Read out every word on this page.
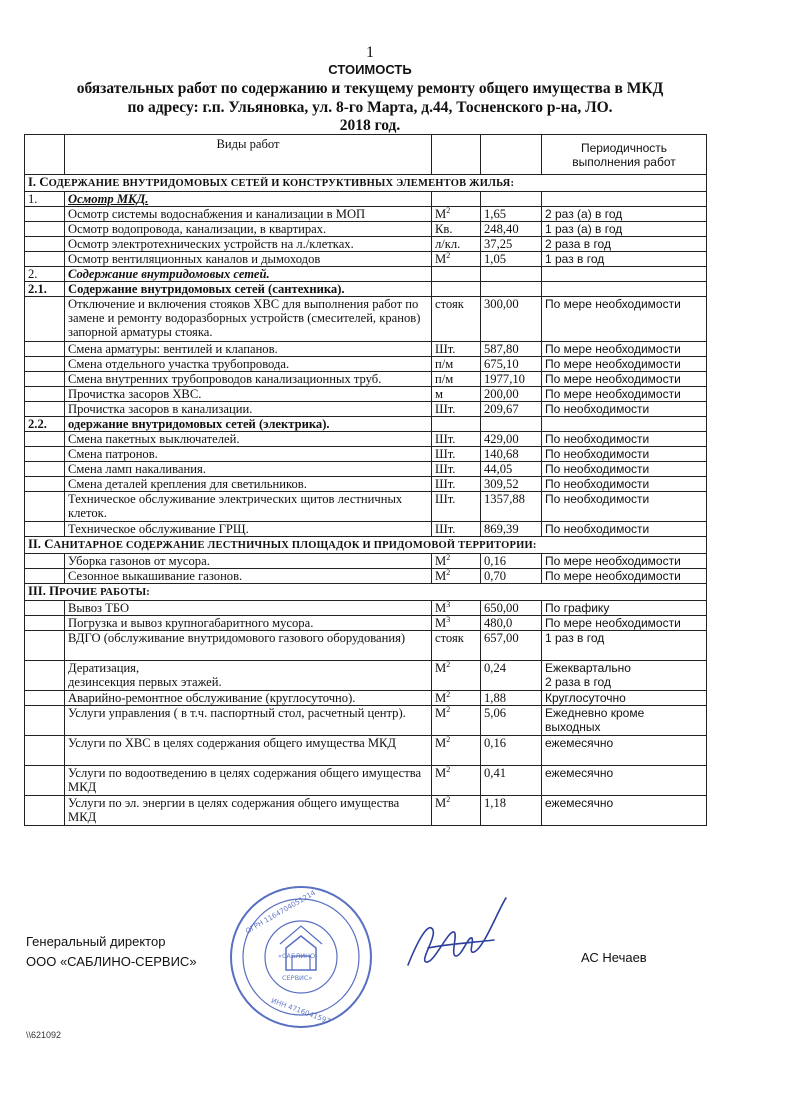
1
СТОИМОСТЬ
обязательных работ по содержанию и текущему ремонту общего имущества в МКД
по адресу: г.п. Ульяновка, ул. 8-го Марта, д.44, Тосненского р-на, ЛО.
2018 год.
	Виды работ			Периодичность
выполнения работ
I. СОДЕРЖАНИЕ ВНУТРИДОМОВЫХ СЕТЕЙ И КОНСТРУКТИВНЫХ ЭЛЕМЕНТОВ ЖИЛЬЯ:				
1.	Осмотр МКД.			
	Осмотр системы водоснабжения и канализации в МОП	$М^2$	1,65	2 раз (а) в год
	Осмотр водопровода, канализации, в квартирах.	Кв.	248,40	1 раз (а) в год
	Осмотр электротехнических устройств на л./клетках.	л/кл.	37,25	2 раза в год
	Осмотр вентиляционных каналов и дымоходов	$М^2$	1,05	1 раз в год
2.	Содержание внутридомовых сетей.			
2.1.	Содержание внутридомовых сетей (сантехника).			
	Отключение и включения стояков ХВС для выполнения работ по замене и ремонту водоразборных устройств (смесителей, кранов) запорной арматуры стояка.	стояк	300,00	По мере необходимости
	Смена арматуры: вентилей и клапанов.	Шт.	587,80	По мере необходимости
	Смена отдельного участка трубопровода.	п/м	675,10	По мере необходимости
	Смена внутренних трубопроводов канализационных труб.	п/м	1977,10	По мере необходимости
	Прочистка засоров ХВС.	м	200,00	По мере необходимости
	Прочистка засоров в канализации.	Шт.	209,67	По необходимости
2.2.	одержание внутридомовых сетей (электрика).			
	Смена пакетных выключателей.	Шт.	429,00	По необходимости
	Смена патронов.	Шт.	140,68	По необходимости
	Смена ламп накаливания.	Шт.	44,05	По необходимости
	Смена деталей крепления для светильников.	Шт.	309,52	По необходимости
	Техническое обслуживание электрических щитов лестничных клеток.	Шт.	1357,88	По необходимости
	Техническое обслуживание ГРЩ.	Шт.	869,39	По необходимости
II. САНИТАРНОЕ СОДЕРЖАНИЕ ЛЕСТНИЧНЫХ ПЛОЩАДОК И ПРИДОМОВОЙ ТЕРРИТОРИИ:				
	Уборка газонов от мусора.	$М^2$	0,16	По мере необходимости
	Сезонное выкашивание газонов.	$М^2$	0,70	По мере необходимости
III. ПРОЧИЕ РАБОТЫ:				
	Вывоз ТБО	$М^3$	650,00	По графику
	Погрузка и вывоз крупногабаритного мусора.	$М^3$	480,0	По мере необходимости
	ВДГО (обслуживание внутридомового газового оборудования)	стояк	657,00	1 раз в год
	Дератизация,
дезинсекция первых этажей.	$М^2$	0,24	Ежеквартально
2 раза в год
	Аварийно-ремонтное обслуживание (круглосуточно).	$М^2$	1,88	Круглосуточно
	Услуги управления ( в т.ч. паспортный стол, расчетный центр).	$М^2$	5,06	Ежедневно кроме выходных
	Услуги по ХВС в целях содержания общего имущества МКД	$М^2$	0,16	ежемесячно
	Услуги по водоотведению в целях содержания общего имущества МКД	$М^2$	0,41	ежемесячно
	Услуги по эл. энергии в целях содержания общего имущества МКД	$М^2$	1,18	ежемесячно
Генеральный директор
ООО «САБЛИНО-СЕРВИС»
ОГРН 1164704051214
ИНН 4716041597
«САБЛИНО-
СЕРВИС»
АС Нечаев
\\621092
